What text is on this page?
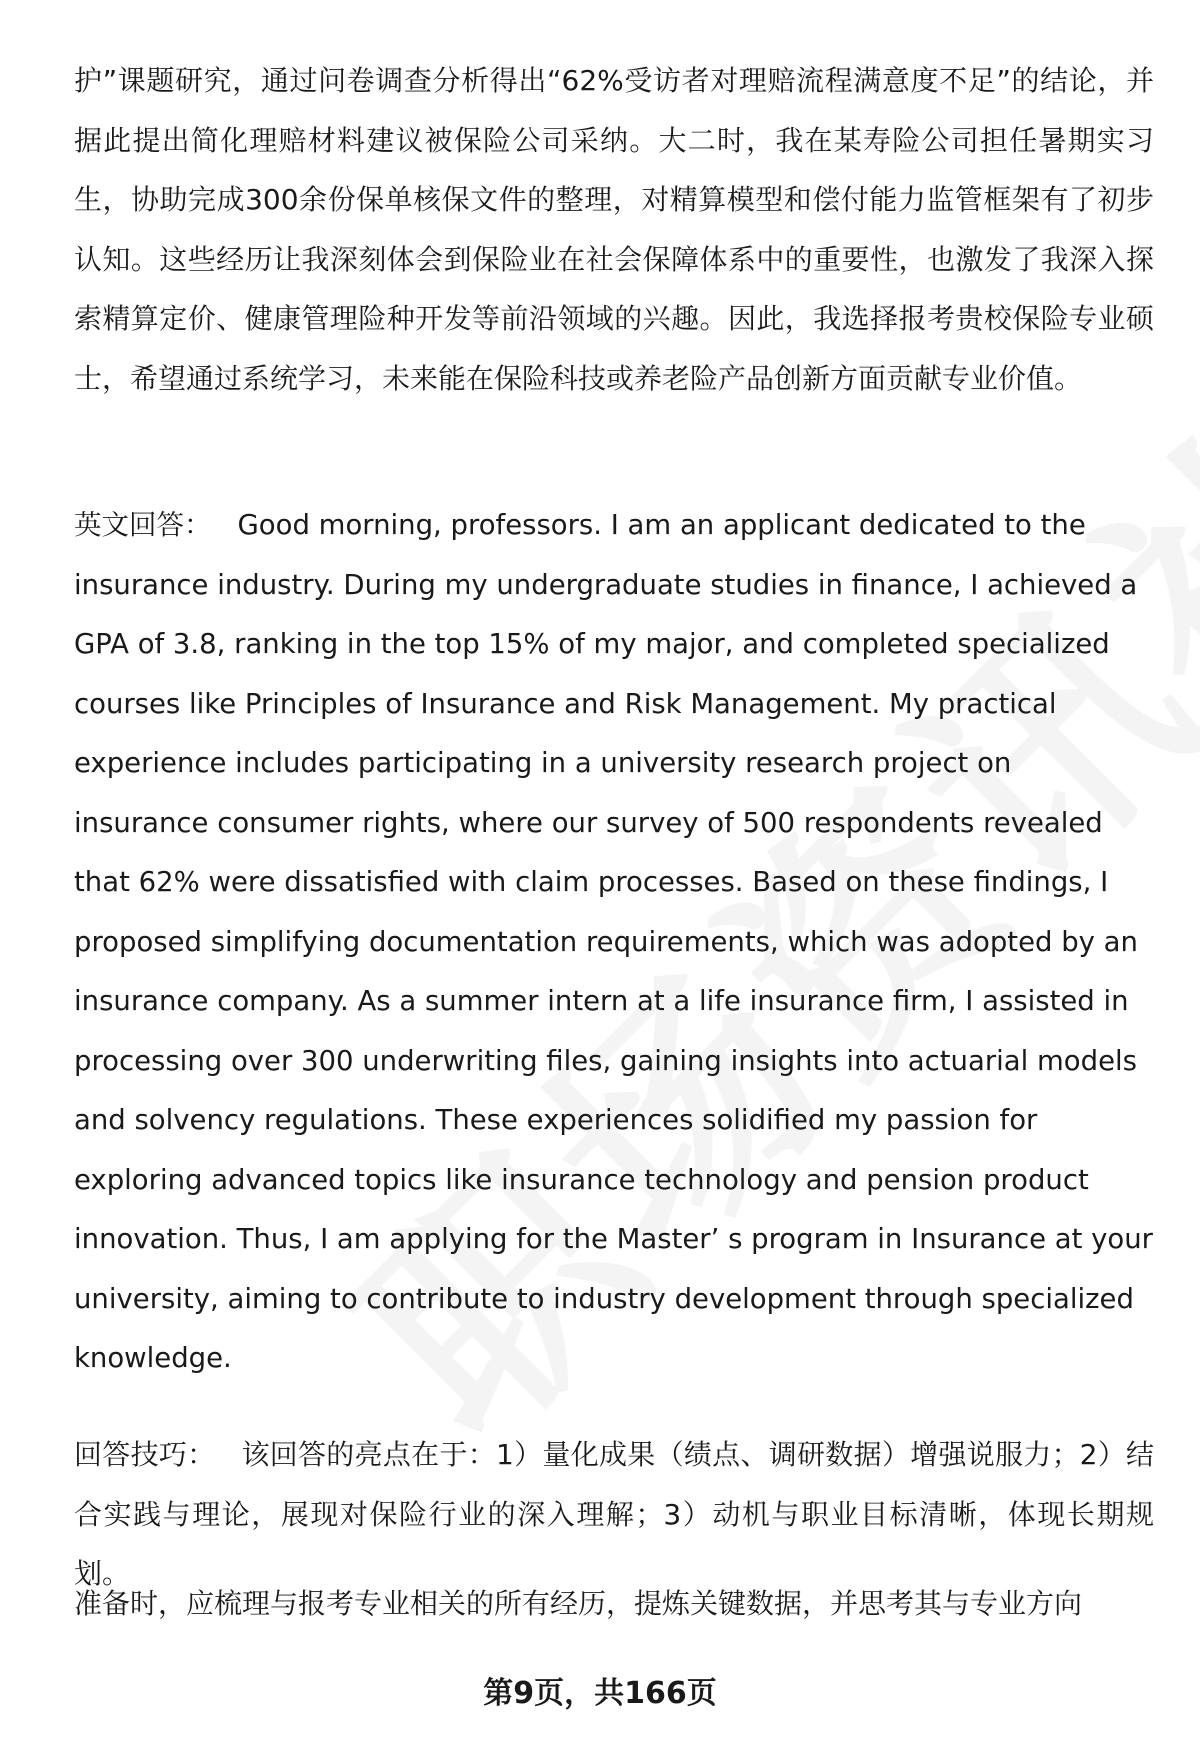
护”课题研究，通过问卷调查分析得出“62%受访者对理赔流程满意度不足”的结论，并据此提出简化理赔材料建议被保险公司采纳。大二时，我在某寿险公司担任暑期实习生，协助完成300余份保单核保文件的整理，对精算模型和偿付能力监管框架有了初步认知。这些经历让我深刻体会到保险业在社会保障体系中的重要性，也激发了我深入探索精算定价、健康管理险种开发等前沿领域的兴趣。因此，我选择报考贵校保险专业硕士，希望通过系统学习，未来能在保险科技或养老险产品创新方面贡献专业价值。
英文回答： Good morning, professors. I am an applicant dedicated to the insurance industry. During my undergraduate studies in finance, I achieved a GPA of 3.8, ranking in the top 15% of my major, and completed specialized courses like Principles of Insurance and Risk Management. My practical experience includes participating in a university research project on insurance consumer rights, where our survey of 500 respondents revealed that 62% were dissatisfied with claim processes. Based on these findings, I proposed simplifying documentation requirements, which was adopted by an insurance company. As a summer intern at a life insurance firm, I assisted in processing over 300 underwriting files, gaining insights into actuarial models and solvency regulations. These experiences solidified my passion for exploring advanced topics like insurance technology and pension product innovation. Thus, I am applying for the Master’ s program in Insurance at your university, aiming to contribute to industry development through specialized knowledge.
回答技巧： 该回答的亮点在于：1）量化成果（绩点、调研数据）增强说服力；2）结合实践与理论，展现对保险行业的深入理解；3）动机与职业目标清晰，体现长期规划。
准备时，应梳理与报考专业相关的所有经历，提炼关键数据，并思考其与专业方向
第9页，共166页
